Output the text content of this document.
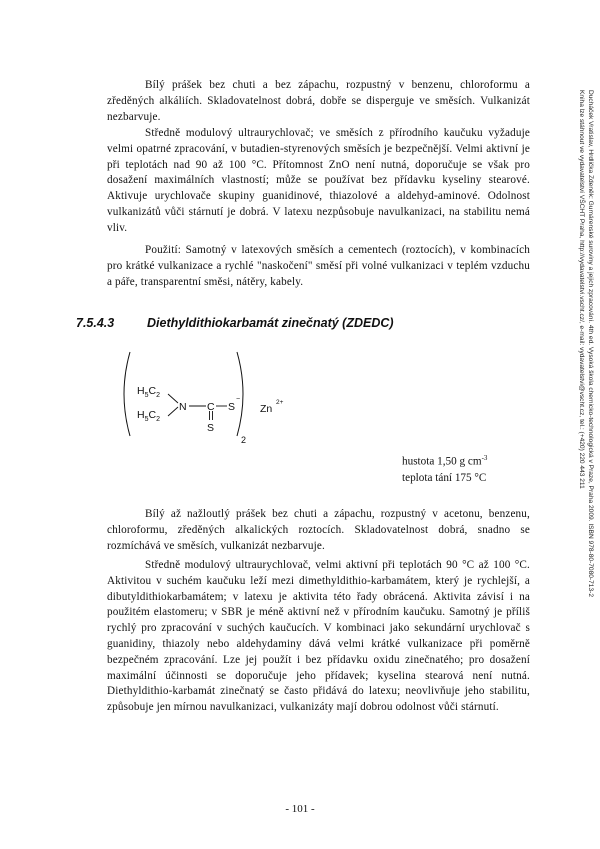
Bílý prášek bez chuti a bez zápachu, rozpustný v benzenu, chloroformu a zředěných alkáliích. Skladovatelnost dobrá, dobře se disperguje ve směsích. Vulkanizát nezbarvuje.

Středně modulový ultraurychlovač; ve směsích z přírodního kaučuku vyžaduje velmi opatrné zpracování, v butadien-styrenových směsích je bezpečnější. Velmi aktivní je při teplotách nad 90 až 100 °C. Přítomnost ZnO není nutná, doporučuje se však pro dosažení maximálních vlastností; může se používat bez přídavku kyseliny stearové. Aktivuje urychlovače skupiny guanidinové, thiazolové a aldehyd-aminové. Odolnost vulkanizátů vůči stárnutí je dobrá. V latexu nezpůsobuje navulkanizaci, na stabilitu nemá vliv.

Použití: Samotný v latexových směsích a cementech (roztocích), v kombinacích pro krátké vulkanizace a rychlé "naskočení" směsí při volné vulkanizaci v teplém vzduchu a páře, transparentní směsi, nátěry, kabely.

7.5.4.3	Diethyldithiokarbamát zinečnatý (ZDEDC)
$H_5C_2$
$H_5C_2$
N C S
−
S
2
Zn
2+
hustota 1,50 g $cm^{-3}$
teplota tání 175 °C

Bílý až nažloutlý prášek bez chuti a zápachu, rozpustný v acetonu, benzenu, chloroformu, zředěných alkalických roztocích. Skladovatelnost dobrá, snadno se rozmíchává ve směsích, vulkanizát nezbarvuje.

Středně modulový ultraurychlovač, velmi aktivní při teplotách 90 °C až 100 °C. Aktivitou v suchém kaučuku leží mezi dimethyldithio-karbamátem, který je rychlejší, a dibutyldithiokarbamátem; v latexu je aktivita této řady obrácená. Aktivita závisí i na použitém elastomeru; v SBR je méně aktivní než v přírodním kaučuku. Samotný je příliš rychlý pro zpracování v suchých kaučucích. V kombinaci jako sekundární urychlovač s guanidiny, thiazoly nebo aldehydaminy dává velmi krátké vulkanizace při poměrně bezpečném zpracování. Lze jej použít i bez přídavku oxidu zinečnatého; pro dosažení maximální účinnosti se doporučuje jeho přídavek; kyselina stearová není nutná. Diethyldithio-karbamát zinečnatý se často přidává do latexu; neovlivňuje jeho stabilitu, způsobuje jen mírnou navulkanizaci, vulkanizáty mají dobrou odolnost vůči stárnutí.

Ducháček Vratislav, Hrdlička Zdeněk: Gumárenské suroviny a jejich zpracování. 4th ed. Vysoká škola chemicko-technologická v Praze, Praha 2009. ISBN 978-80-7080-713-2
Kniha lze stáhnout ve vydavatelství VŠCHT Praha, http://vydavatelstvi.vscht.cz/, e-mail: vydavatelstvi@vscht.cz, tel.: (+420) 220 443 211
- 101 -
